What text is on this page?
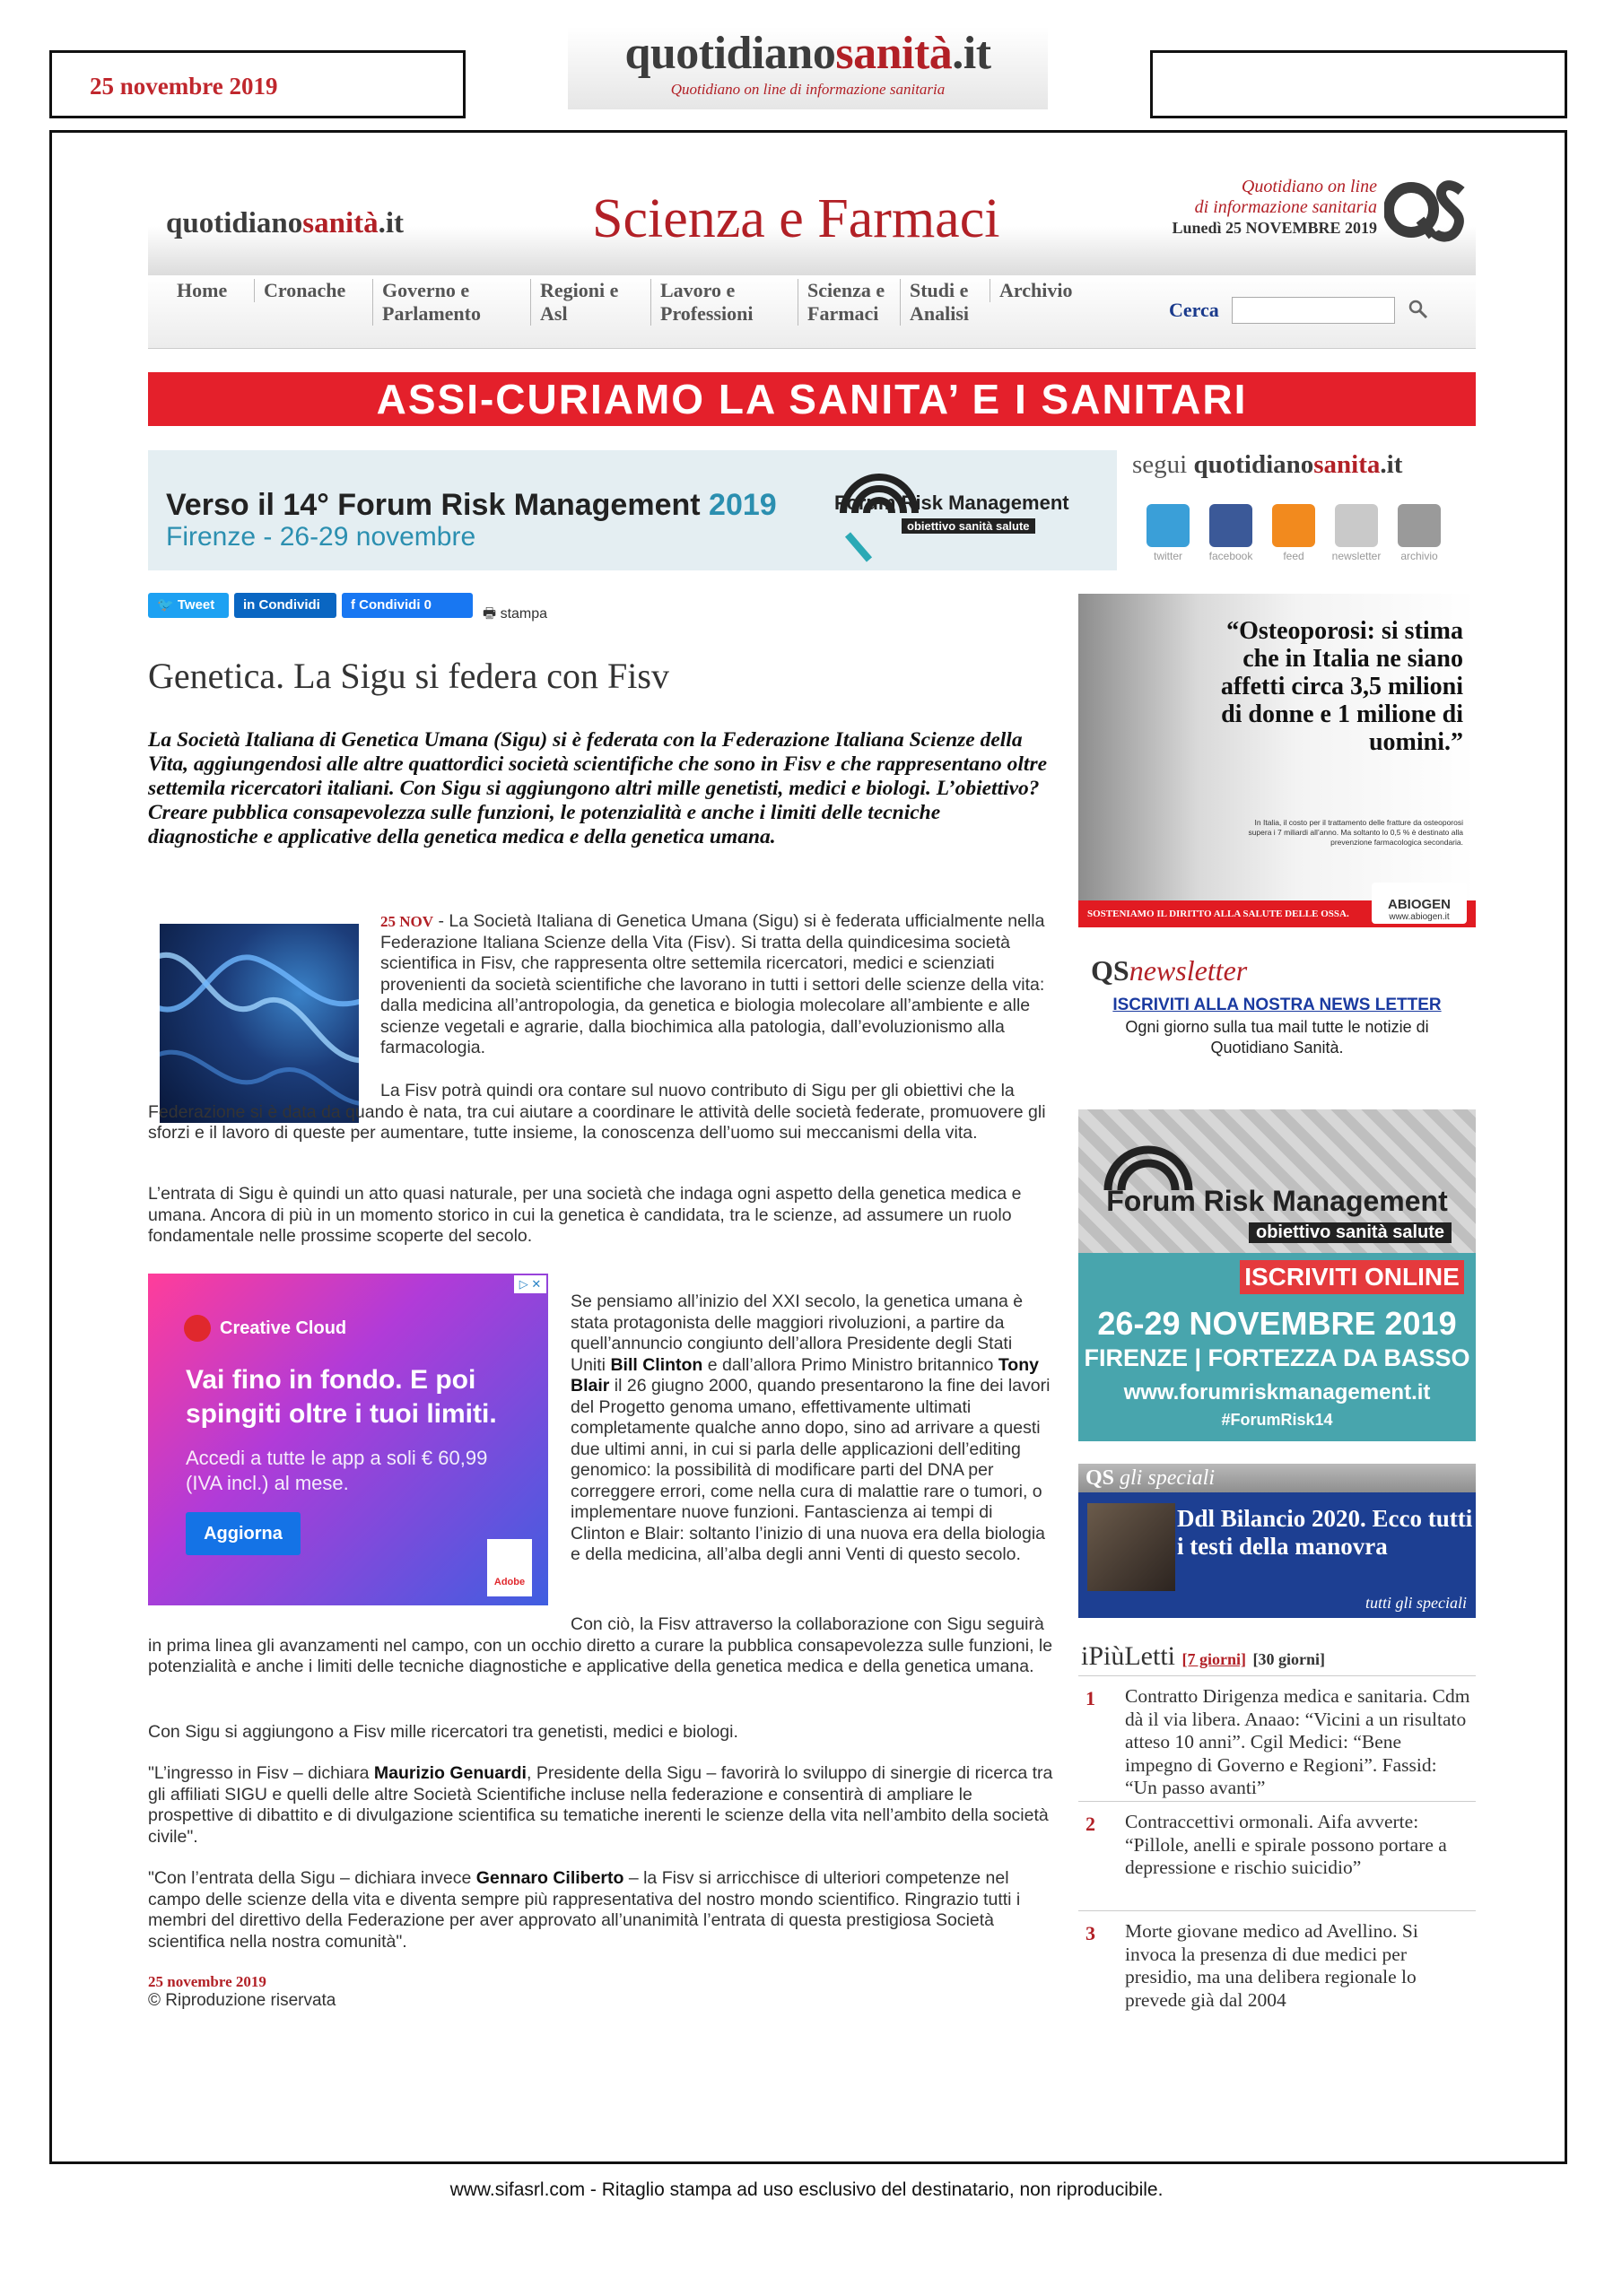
25 novembre 2019
quotidianosanità.it
Quotidiano on line di informazione sanitaria
quotidianosanità.it	Scienza e Farmaci
Quotidiano on line
di informazione sanitaria
Lunedì 25 NOVEMBRE 2019
Home Cronache Governo e
Parlamento
Regioni e
Asl
Lavoro e
Professioni
Scienza e
Farmaci
Studi e
Analisi
Archivio
Cerca
ASSI-CURIAMO LA SANITA’ E I SANITARI
Verso il 14° Forum Risk Management 2019
Firenze - 26-29 novembre
Forum Risk Management
obiettivo sanità salute
segui quotidianosanita.it
twitter	facebook	feed	newsletter	archivio
🐦 Tweet	in Condividi	f Condividi 0
🖶 stampa
Genetica. La Sigu si federa con Fisv
La Società Italiana di Genetica Umana (Sigu) si è federata con la Federazione Italiana Scienze della Vita, aggiungendosi alle altre quattordici società scientifiche che sono in Fisv e che rappresentano oltre settemila ricercatori italiani. Con Sigu si aggiungono altri mille genetisti, medici e biologi. L’obiettivo? Creare pubblica consapevolezza sulle funzioni, le potenzialità e anche i limiti delle tecniche diagnostiche e applicative della genetica medica e della genetica umana.
25 NOV - La Società Italiana di Genetica Umana (Sigu) si è federata ufficialmente nella Federazione Italiana Scienze della Vita (Fisv). Si tratta della quindicesima società scientifica in Fisv, che rappresenta oltre settemila ricercatori, medici e scienziati provenienti da società scientifiche che lavorano in tutti i settori delle scienze della vita: dalla medicina all’antropologia, da genetica e biologia molecolare all’ambiente e alle scienze vegetali e agrarie, dalla biochimica alla patologia, dall’evoluzionismo alla farmacologia.
La Fisv potrà quindi ora contare sul nuovo contributo di Sigu per gli obiettivi che la Federazione si è data da quando è nata, tra cui aiutare a coordinare le attività delle società federate, promuovere gli sforzi e il lavoro di queste per aumentare, tutte insieme, la conoscenza dell’uomo sui meccanismi della vita.
L’entrata di Sigu è quindi un atto quasi naturale, per una società che indaga ogni aspetto della genetica medica e umana. Ancora di più in un momento storico in cui la genetica è candidata, tra le scienze, ad assumere un ruolo fondamentale nelle prossime scoperte del secolo.
Creative Cloud
Vai fino in fondo. E poi spingiti oltre i tuoi limiti.
Accedi a tutte le app a soli € 60,99 (IVA incl.) al mese.
Aggiorna
Adobe
▷ ✕
Se pensiamo all’inizio del XXI secolo, la genetica umana è stata protagonista delle maggiori rivoluzioni, a partire da quell’annuncio congiunto dell’allora Presidente degli Stati Uniti Bill Clinton e dall’allora Primo Ministro britannico Tony Blair il 26 giugno 2000, quando presentarono la fine dei lavori del Progetto genoma umano, effettivamente ultimati completamente qualche anno dopo, sino ad arrivare a questi due ultimi anni, in cui si parla delle applicazioni dell’editing genomico: la possibilità di modificare parti del DNA per correggere errori, come nella cura di malattie rare o tumori, o implementare nuove funzioni. Fantascienza ai tempi di Clinton e Blair: soltanto l’inizio di una nuova era della biologia e della medicina, all’alba degli anni Venti di questo secolo.
Con ciò, la Fisv attraverso la collaborazione con Sigu seguirà in prima linea gli avanzamenti nel campo, con un occhio diretto a curare la pubblica consapevolezza sulle funzioni, le potenzialità e anche i limiti delle tecniche diagnostiche e applicative della genetica medica e della genetica umana.
Con Sigu si aggiungono a Fisv mille ricercatori tra genetisti, medici e biologi.
"L’ingresso in Fisv – dichiara Maurizio Genuardi, Presidente della Sigu – favorirà lo sviluppo di sinergie di ricerca tra gli affiliati SIGU e quelli delle altre Società Scientifiche incluse nella federazione e consentirà di ampliare le prospettive di dibattito e di divulgazione scientifica su tematiche inerenti le scienze della vita nell’ambito della società civile".
"Con l’entrata della Sigu – dichiara invece Gennaro Ciliberto – la Fisv si arricchisce di ulteriori competenze nel campo delle scienze della vita e diventa sempre più rappresentativa del nostro mondo scientifico. Ringrazio tutti i membri del direttivo della Federazione per aver approvato all’unanimità l’entrata di questa prestigiosa Società scientifica nella nostra comunità".
25 novembre 2019
© Riproduzione riservata
“Osteoporosi: si stima che in Italia ne siano affetti circa 3,5 milioni di donne e 1 milione di uomini.”
In Italia, il costo per il trattamento delle fratture da osteoporosi supera i 7 miliardi all’anno. Ma soltanto lo 0,5 % è destinato alla prevenzione farmacologica secondaria.
SOSTENIAMO IL DIRITTO ALLA SALUTE DELLE OSSA.
ABIOGEN
www.abiogen.it
QSnewsletter
ISCRIVITI ALLA NOSTRA NEWS LETTER
Ogni giorno sulla tua mail tutte le notizie di Quotidiano Sanità.
Forum Risk Management
obiettivo sanità salute
ISCRIVITI ONLINE
26-29 NOVEMBRE 2019
FIRENZE | FORTEZZA DA BASSO
www.forumriskmanagement.it
#ForumRisk14
QS gli speciali
Ddl Bilancio 2020. Ecco tutti i testi della manovra
tutti gli speciali
iPiùLetti [7 giorni] [30 giorni]
1 Contratto Dirigenza medica e sanitaria. Cdm dà il via libera. Anaao: “Vicini a un risultato atteso 10 anni”. Cgil Medici: “Bene impegno di Governo e Regioni”. Fassid: “Un passo avanti”
2 Contraccettivi ormonali. Aifa avverte: “Pillole, anelli e spirale possono portare a depressione e rischio suicidio”
3 Morte giovane medico ad Avellino. Si invoca la presenza di due medici per presidio, ma una delibera regionale lo prevede già dal 2004
www.sifasrl.com - Ritaglio stampa ad uso esclusivo del destinatario, non riproducibile.
